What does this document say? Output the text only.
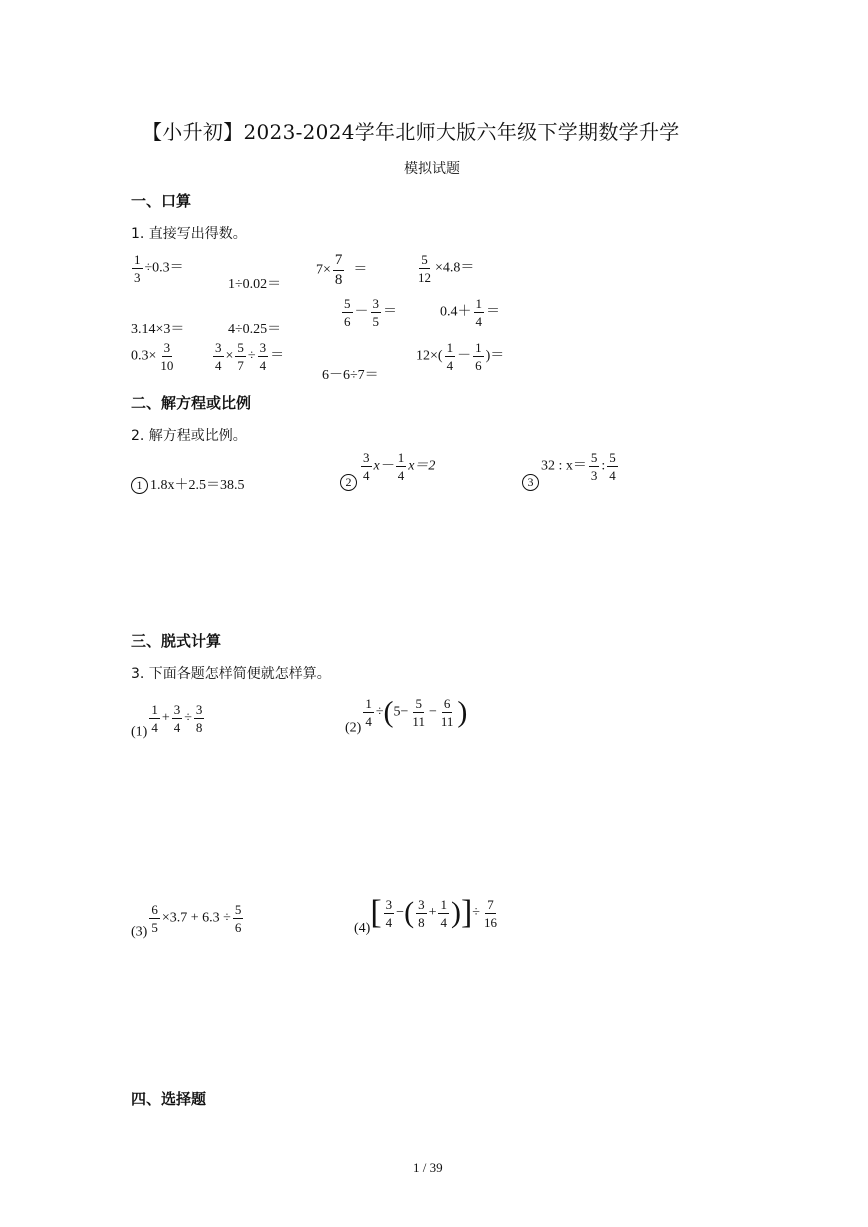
【小升初】2023-2024学年北师大版六年级下学期数学升学
模拟试题
一、口算
1. 直接写出得数。
$\frac{1}{3} \div 0.3=$
1÷0.02＝
$7\times \frac{7}{8}$ ＝	$\frac{5}{12} \times 4.8=$
3.14×3＝	4÷0.25＝
$\frac{5}{6} - \frac{3}{5}$ ＝	$0.4+ \frac{1}{4}$ ＝
$0.3\times \frac{3}{10}$	$\frac{3}{4} \times \frac{5}{7} \div \frac{3}{4}$ ＝
6－6÷7＝
$12\times( \frac{1}{4} - \frac{1}{6}$ )＝
二、解方程或比例
2. 解方程或比例。
1 1.8x＋2.5＝38.5	$2 \frac{3}{4} x- \frac{1}{4} x=2$
332 : $x= \frac{5}{3}$ : $\frac{5}{4}$
三、脱式计算
3. 下面各题怎样简便就怎样算。
$(1) \frac{1}{4} + \frac{3}{4} \div \frac{3}{8}$	(2)
$\frac{1}{4} \div(5- \frac{5}{11} - \frac{6}{11}$ )
$(3) \frac{6}{5} \times 3.7 + 6.3 \div \frac{5}{6}$	$(4)[ \frac{3}{4}$ −( $\frac{3}{8} + \frac{1}{4}$ )]÷ $\frac{7}{16}$
四、选择题
1 / 39
